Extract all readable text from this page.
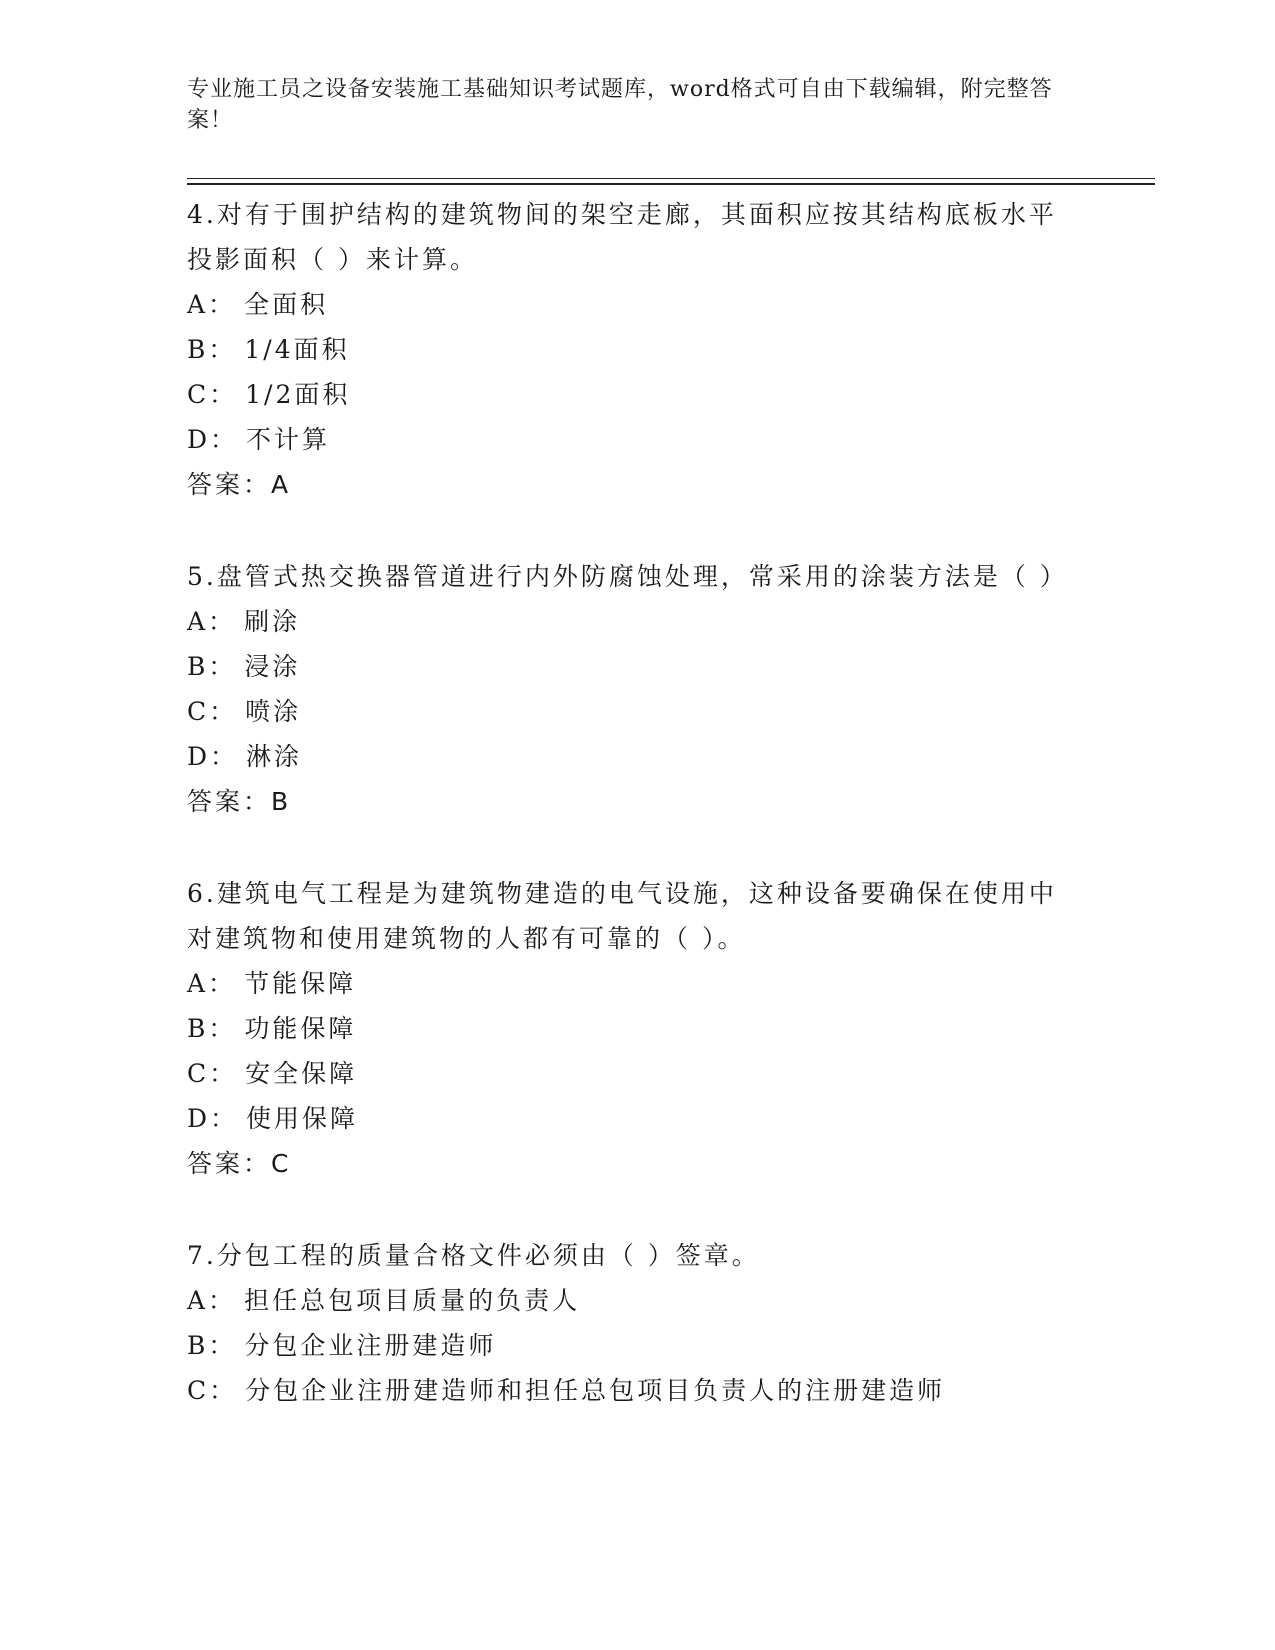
专业施工员之设备安装施工基础知识考试题库，word格式可自由下载编辑，附完整答案！

4.对有于围护结构的建筑物间的架空走廊，其面积应按其结构底板水平投影面积（ ）来计算。

A： 全面积

B： 1/4面积

C： 1/2面积

D： 不计算

答案：A

5.盘管式热交换器管道进行内外防腐蚀处理，常采用的涂装方法是（ ）

A： 刷涂

B： 浸涂

C： 喷涂

D： 淋涂

答案：B

6.建筑电气工程是为建筑物建造的电气设施，这种设备要确保在使用中对建筑物和使用建筑物的人都有可靠的（ ）。

A： 节能保障

B： 功能保障

C： 安全保障

D： 使用保障

答案：C

7.分包工程的质量合格文件必须由（ ）签章。

A： 担任总包项目质量的负责人

B： 分包企业注册建造师

C： 分包企业注册建造师和担任总包项目负责人的注册建造师
